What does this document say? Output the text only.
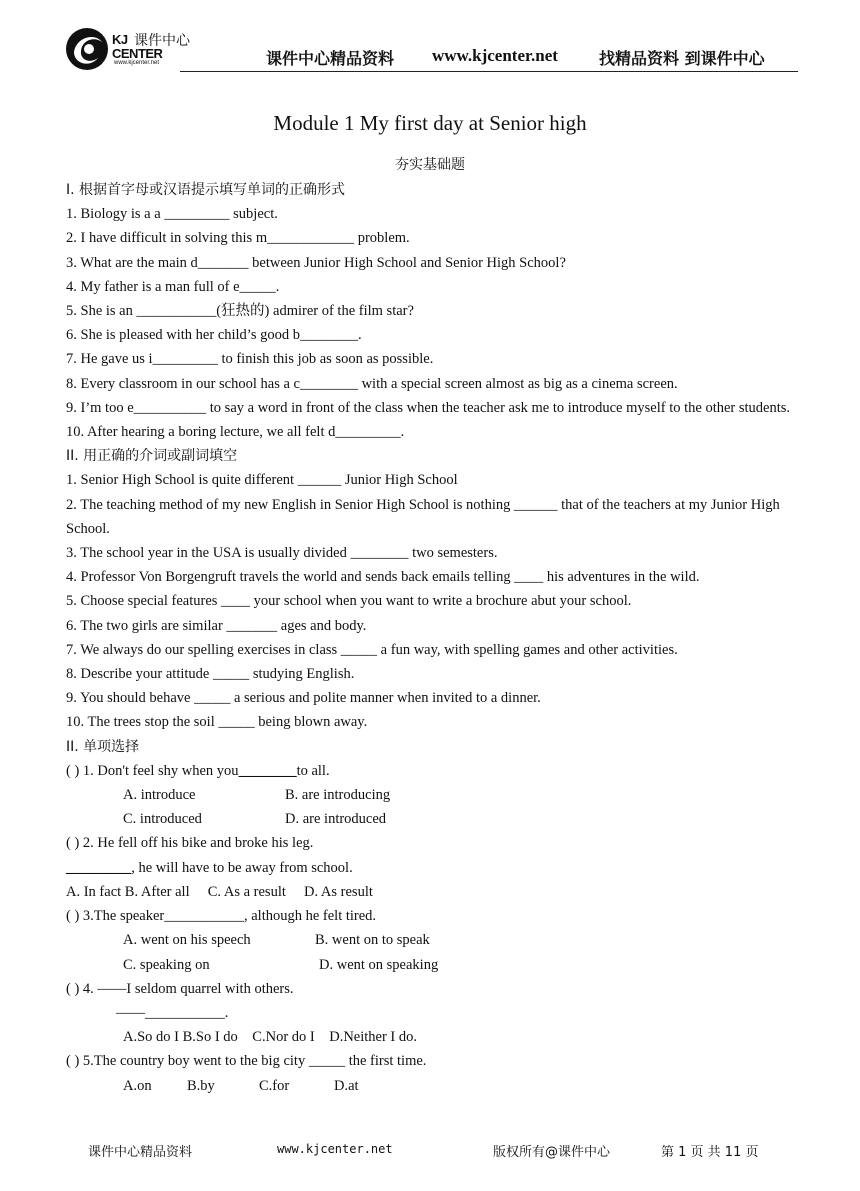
KJ 课件中心
CENTER
www.kjcenter.net	课件中心精品资料 www.kjcenter.net	找精品资料 到课件中心
Module 1 My first day at Senior high
夯实基础题

I. 根据首字母或汉语提示填写单词的正确形式

1. Biology is a a _________ subject.

2. I have difficult in solving this m____________ problem.

3. What are the main d_______ between Junior High School and Senior High School?

4. My father is a man full of e_____.

5. She is an ___________(狂热的) admirer of the film star?

6. She is pleased with her child’s good b________.

7. He gave us i_________ to finish this job as soon as possible.

8. Every classroom in our school has a c________ with a special screen almost as big as a cinema screen.

9. I’m too e__________ to say a word in front of the class when the teacher ask me to introduce myself to the other students.

10. After hearing a boring lecture, we all felt d_________.

II. 用正确的介词或副词填空

1. Senior High School is quite different ______ Junior High School

2. The teaching method of my new English in Senior High School is nothing ______ that of the teachers at my Junior High School.

3. The school year in the USA is usually divided ________ two semesters.

4. Professor Von Borgengruft travels the world and sends back emails telling ____ his adventures in the wild.

5. Choose special features ____ your school when you want to write a brochure abut your school.

6. The two girls are similar _______ ages and body.

7. We always do our spelling exercises in class _____ a fun way, with spelling games and other activities.

8. Describe your attitude _____ studying English.

9. You should behave _____ a serious and polite manner when invited to a dinner.

10. The trees stop the soil _____ being blown away.

II. 单项选择

( ) 1. Don't feel shy when you________to all.

A. introduce	B. are introducing

C. introduced	D. are introduced

( ) 2. He fell off his bike and broke his leg.

_________, he will have to be away from school.

A. In fact B. After all     C. As a result     D. As result

( ) 3.The speaker___________, although he felt tired.

A. went on his speech	B. went on to speak

C. speaking on	D. went on speaking

( ) 4. ——I seldom quarrel with others.

——___________.

A.So do I B.So I do    C.Nor do I    D.Neither I do.

( ) 5.The country boy went to the big city _____ the first time.

A.on B.by	C.for	D.at

课件中心精品资料	www.kjcenter.net	版权所有@课件中心	第 1 页 共 11 页
